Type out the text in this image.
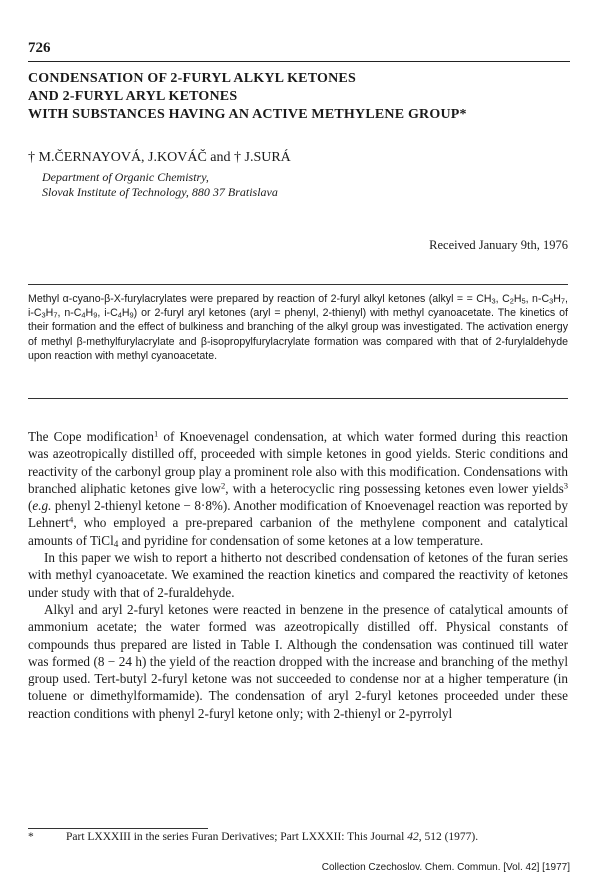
726
CONDENSATION OF 2-FURYL ALKYL KETONES
AND 2-FURYL ARYL KETONES
WITH SUBSTANCES HAVING AN ACTIVE METHYLENE GROUP*
† M.ČERNAYOVÁ, J.KOVÁČ and † J.SURÁ
Department of Organic Chemistry,
Slovak Institute of Technology, 880 37 Bratislava
Received January 9th, 1976

Methyl α-cyano-β-X-furylacrylates were prepared by reaction of 2-furyl alkyl ketones (alkyl = = $CH_3$, $C_2H_5$, $n-C_3H_7$, $i-C_3H_7$, $n-C_4H_9$, $i-C_4H_9$) or 2-furyl aryl ketones (aryl = phenyl, 2-thienyl) with methyl cyanoacetate. The kinetics of their formation and the effect of bulkiness and branching of the alkyl group was investigated. The activation energy of methyl β-methylfurylacrylate and β-isopropylfurylacrylate formation was compared with that of 2-furylaldehyde upon reaction with methyl cyanoacetate.

The Cope modification$^1$ of Knoevenagel condensation, at which water formed during this reaction was azeotropically distilled off, proceeded with simple ketones in good yields. Steric conditions and reactivity of the carbonyl group play a prominent role also with this modification. Condensations with branched aliphatic ketones give low$^2$, with a heterocyclic ring possessing ketones even lower yields$^3$ (e.g. phenyl 2-thienyl ketone − 8·8%). Another modification of Knoevenagel reaction was reported by Lehnert$^4$, who employed a pre-prepared carbanion of the methylene component and catalytical amounts of TiCl$_4$ and pyridine for condensation of some ketones at a low temperature.

In this paper we wish to report a hitherto not described condensation of ketones of the furan series with methyl cyanoacetate. We examined the reaction kinetics and compared the reactivity of ketones under study with that of 2-furaldehyde.

Alkyl and aryl 2-furyl ketones were reacted in benzene in the presence of catalytical amounts of ammonium acetate; the water formed was azeotropically distilled off. Physical constants of compounds thus prepared are listed in Table I. Although the condensation was continued till water was formed (8 − 24 h) the yield of the reaction dropped with the increase and branching of the methyl group used. Tert-butyl 2-furyl ketone was not succeeded to condense nor at a higher temperature (in toluene or dimethylformamide). The condensation of aryl 2-furyl ketones proceeded under these reaction conditions with phenyl 2-furyl ketone only; with 2-thienyl or 2-pyrrolyl

*	Part LXXXIII in the series Furan Derivatives; Part LXXXII: This Journal 42, 512 (1977).
Collection Czechoslov. Chem. Commun. [Vol. 42] [1977]
